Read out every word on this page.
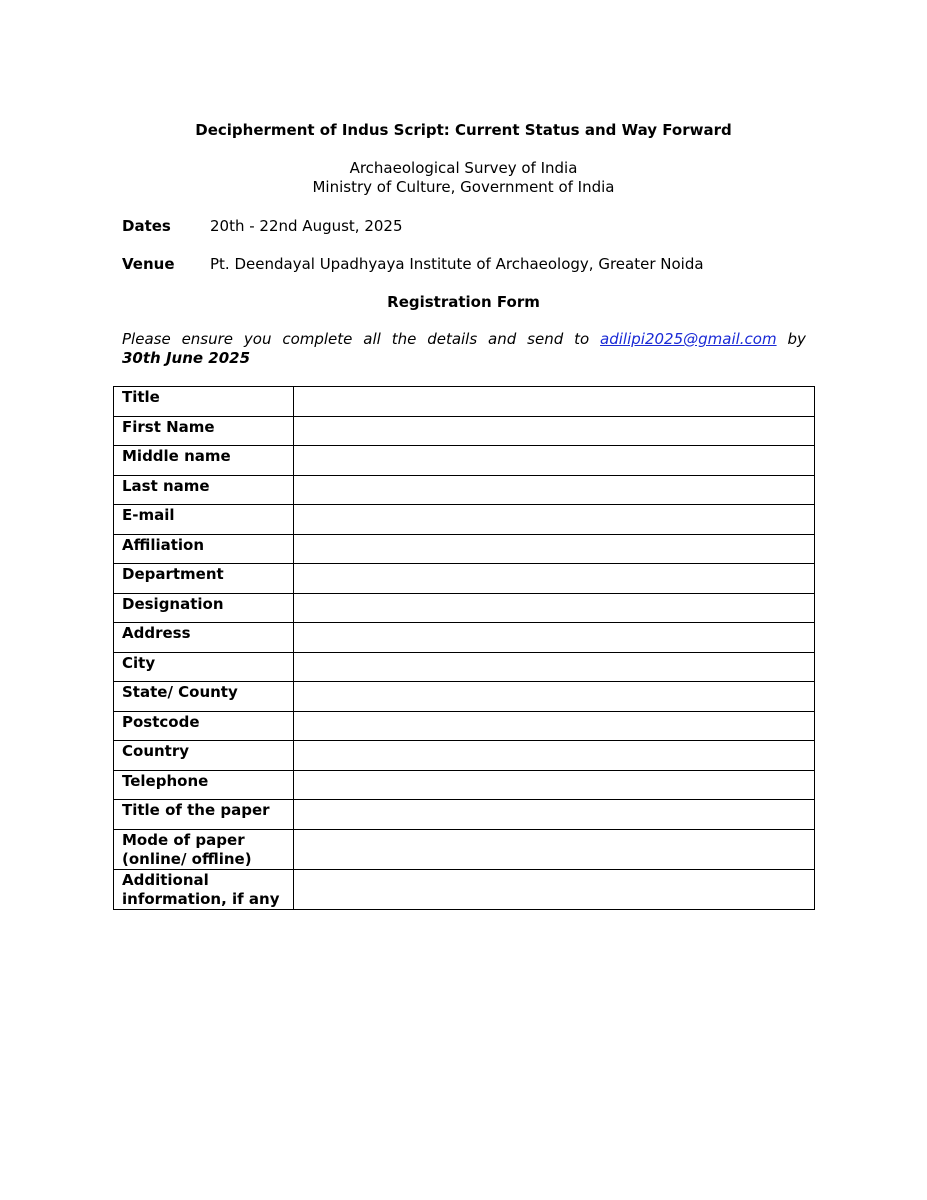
Decipherment of Indus Script: Current Status and Way Forward
Archaeological Survey of India
Ministry of Culture, Government of India
Dates	20th - 22nd August, 2025
Venue Pt. Deendayal Upadhyaya Institute of Archaeology, Greater Noida
Registration Form
Please ensure you complete all the details and send to adilipi2025@gmail.com by
30th June 2025
Title	
First Name	
Middle name	
Last name	
E-mail	
Affiliation	
Department	
Designation	
Address	
City	
State/ County	
Postcode	
Country	
Telephone	
Title of the paper	

Mode of paper
(online/ offline)	

Additional
information, if any	
